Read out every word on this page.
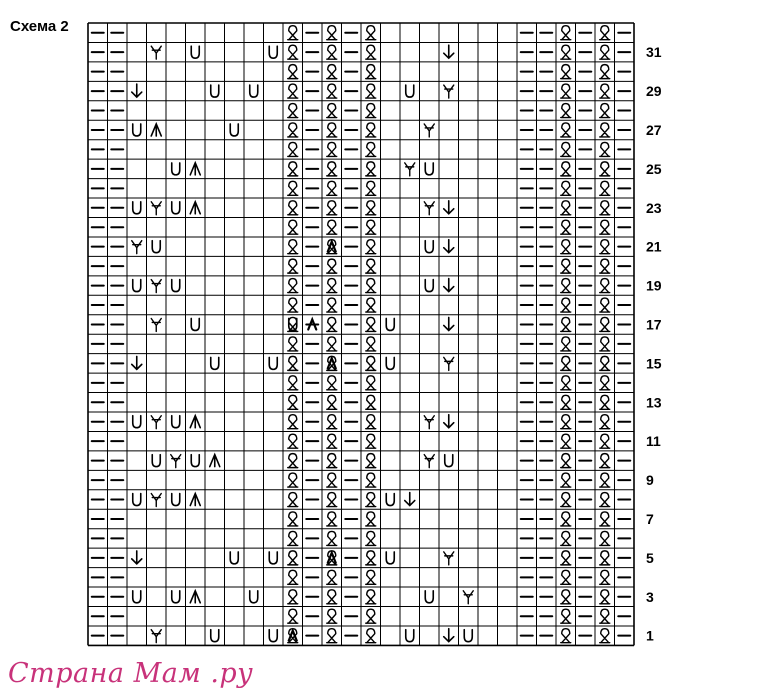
Схема 2
1
3
5
7
9
11
13
15
17
19
21
23
25
27
29
31
Страна Мам .ру
